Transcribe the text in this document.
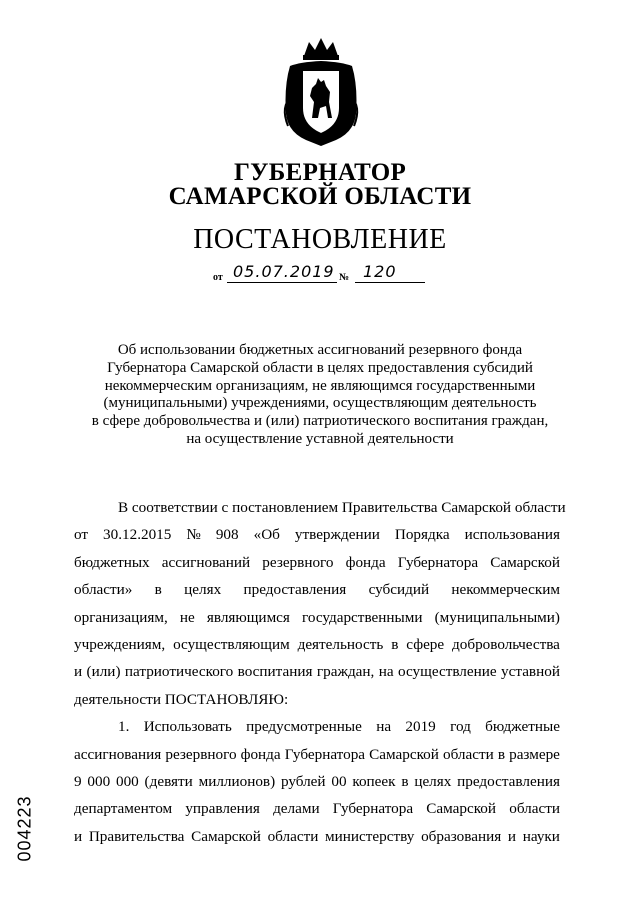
ГУБЕРНАТОР
САМАРСКОЙ ОБЛАСТИ
ПОСТАНОВЛЕНИЕ
от 05.07.2019 № 120
Об использовании бюджетных ассигнований резервного фонда
Губернатора Самарской области в целях предоставления субсидий
некоммерческим организациям, не являющимся государственными
(муниципальными) учреждениями, осуществляющим деятельность
в сфере добровольчества и (или) патриотического воспитания граждан,
на осуществление уставной деятельности
В соответствии с постановлением Правительства Самарской области
от 30.12.2015 № 908 «Об утверждении Порядка использования
бюджетных ассигнований резервного фонда Губернатора Самарской
области» в целях предоставления субсидий некоммерческим
организациям, не являющимся государственными (муниципальными)
учреждениям, осуществляющим деятельность в сфере добровольчества
и (или) патриотического воспитания граждан, на осуществление уставной
деятельности ПОСТАНОВЛЯЮ:
1. Использовать предусмотренные на 2019 год бюджетные
ассигнования резервного фонда Губернатора Самарской области в размере
9 000 000 (девяти миллионов) рублей 00 копеек в целях предоставления
департаментом управления делами Губернатора Самарской области
и Правительства Самарской области министерству образования и науки
004223
